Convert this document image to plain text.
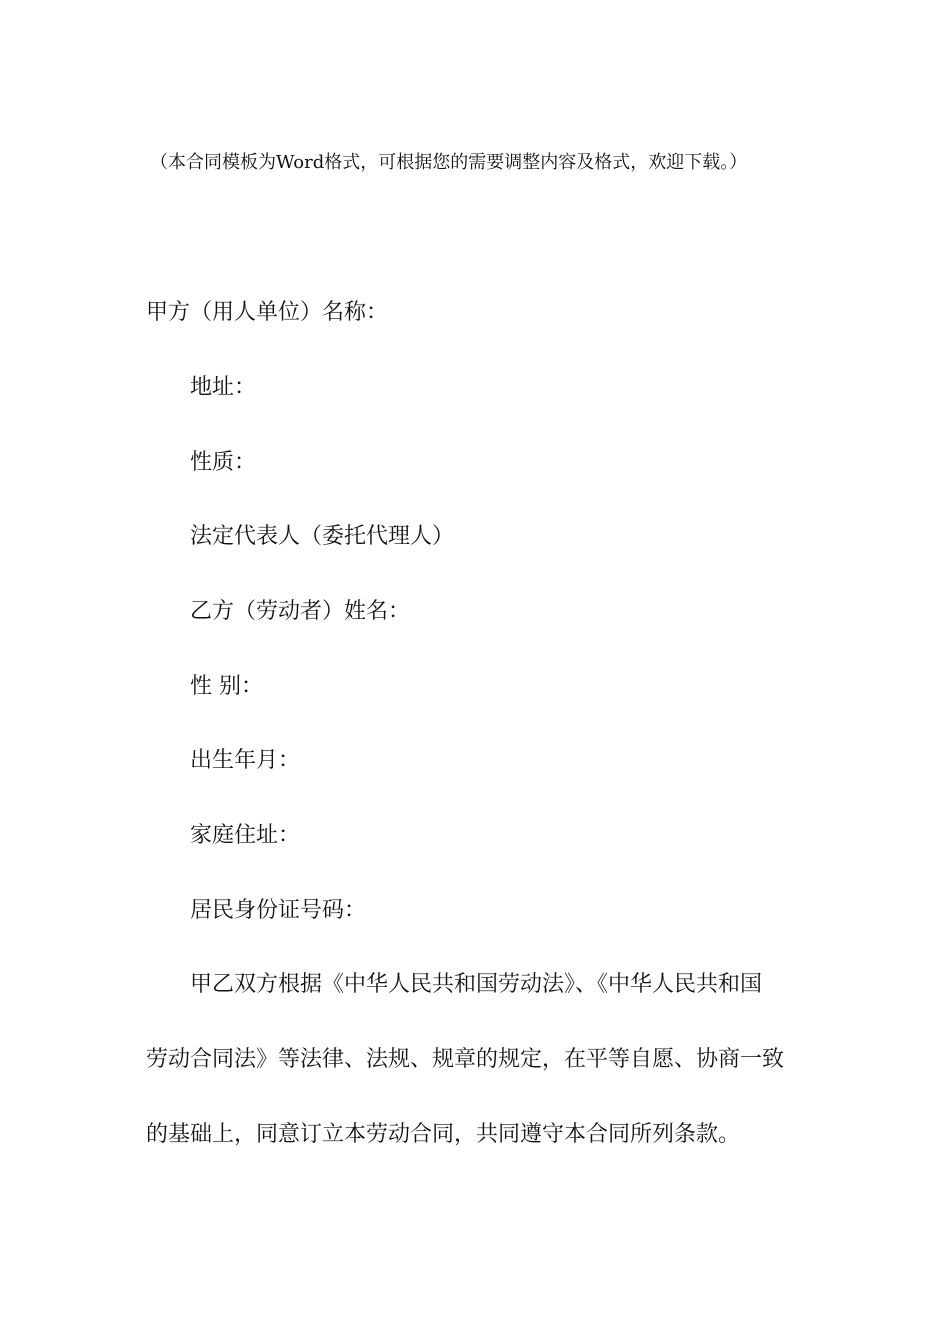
（本合同模板为Word格式，可根据您的需要调整内容及格式，欢迎下载。）
甲方（用人单位）名称：
地址：
性质：
法定代表人（委托代理人）
乙方（劳动者）姓名：
性 别：
出生年月：
家庭住址：
居民身份证号码：
甲乙双方根据《中华人民共和国劳动法》、《中华人民共和国
劳动合同法》等法律、法规、规章的规定，在平等自愿、协商一致
的基础上，同意订立本劳动合同，共同遵守本合同所列条款。
